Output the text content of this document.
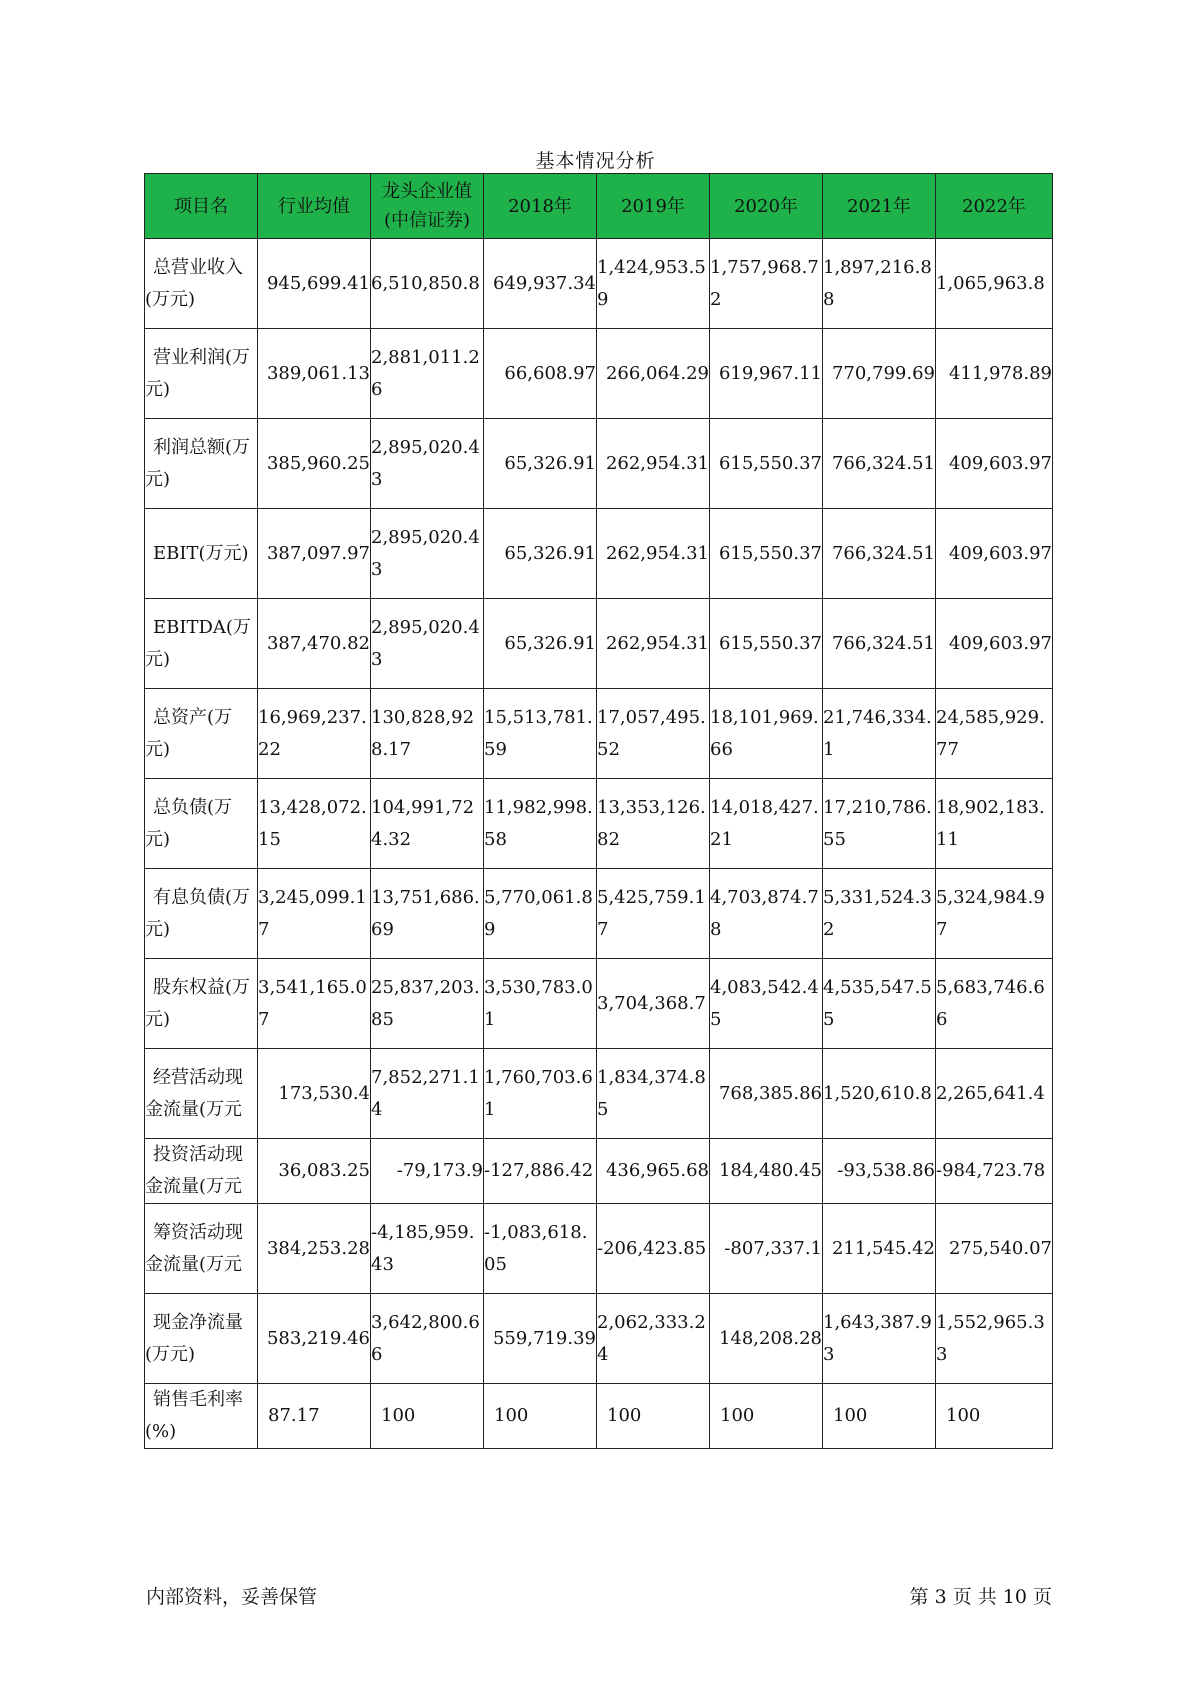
基本情况分析
项目名	行业均值	龙头企业值(中信证券)	2018年	2019年	2020年	2021年	2022年

总营业收入(万元)	945,699.41	6,510,850.8	649,937.34	1,424,953.59	1,757,968.72	1,897,216.88	1,065,963.8

营业利润(万元)	389,061.13	2,881,011.26	66,608.97	266,064.29	619,967.11	770,799.69	411,978.89

利润总额(万元)	385,960.25	2,895,020.43	65,326.91	262,954.31	615,550.37	766,324.51	409,603.97

EBIT(万元)	387,097.97	2,895,020.43	65,326.91	262,954.31	615,550.37	766,324.51	409,603.97

EBITDA(万元)	387,470.82	2,895,020.43	65,326.91	262,954.31	615,550.37	766,324.51	409,603.97

总资产(万元)	16,969,237.22	130,828,928.17	15,513,781.59	17,057,495.52	18,101,969.66	21,746,334.1	24,585,929.77

总负债(万元)	13,428,072.15	104,991,724.32	11,982,998.58	13,353,126.82	14,018,427.21	17,210,786.55	18,902,183.11

有息负债(万元)	3,245,099.17	13,751,686.69	5,770,061.89	5,425,759.17	4,703,874.78	5,331,524.32	5,324,984.97

股东权益(万元)	3,541,165.07	25,837,203.85	3,530,783.01	3,704,368.7	4,083,542.45	4,535,547.55	5,683,746.66

经营活动现金流量(万元	173,530.4	7,852,271.14	1,760,703.61	1,834,374.85	768,385.86	1,520,610.8	2,265,641.4

投资活动现金流量(万元	36,083.25	-79,173.9	-127,886.42	436,965.68	184,480.45	-93,538.86	-984,723.78

筹资活动现金流量(万元	384,253.28	-4,185,959.43	-1,083,618.05	-206,423.85	-807,337.1	211,545.42	275,540.07

现金净流量(万元)	583,219.46	3,642,800.66	559,719.39	2,062,333.24	148,208.28	1,643,387.93	1,552,965.33

销售毛利率(%)	87.17	100	100	100	100	100	100
内部资料，妥善保管	第 3 页 共 10 页
